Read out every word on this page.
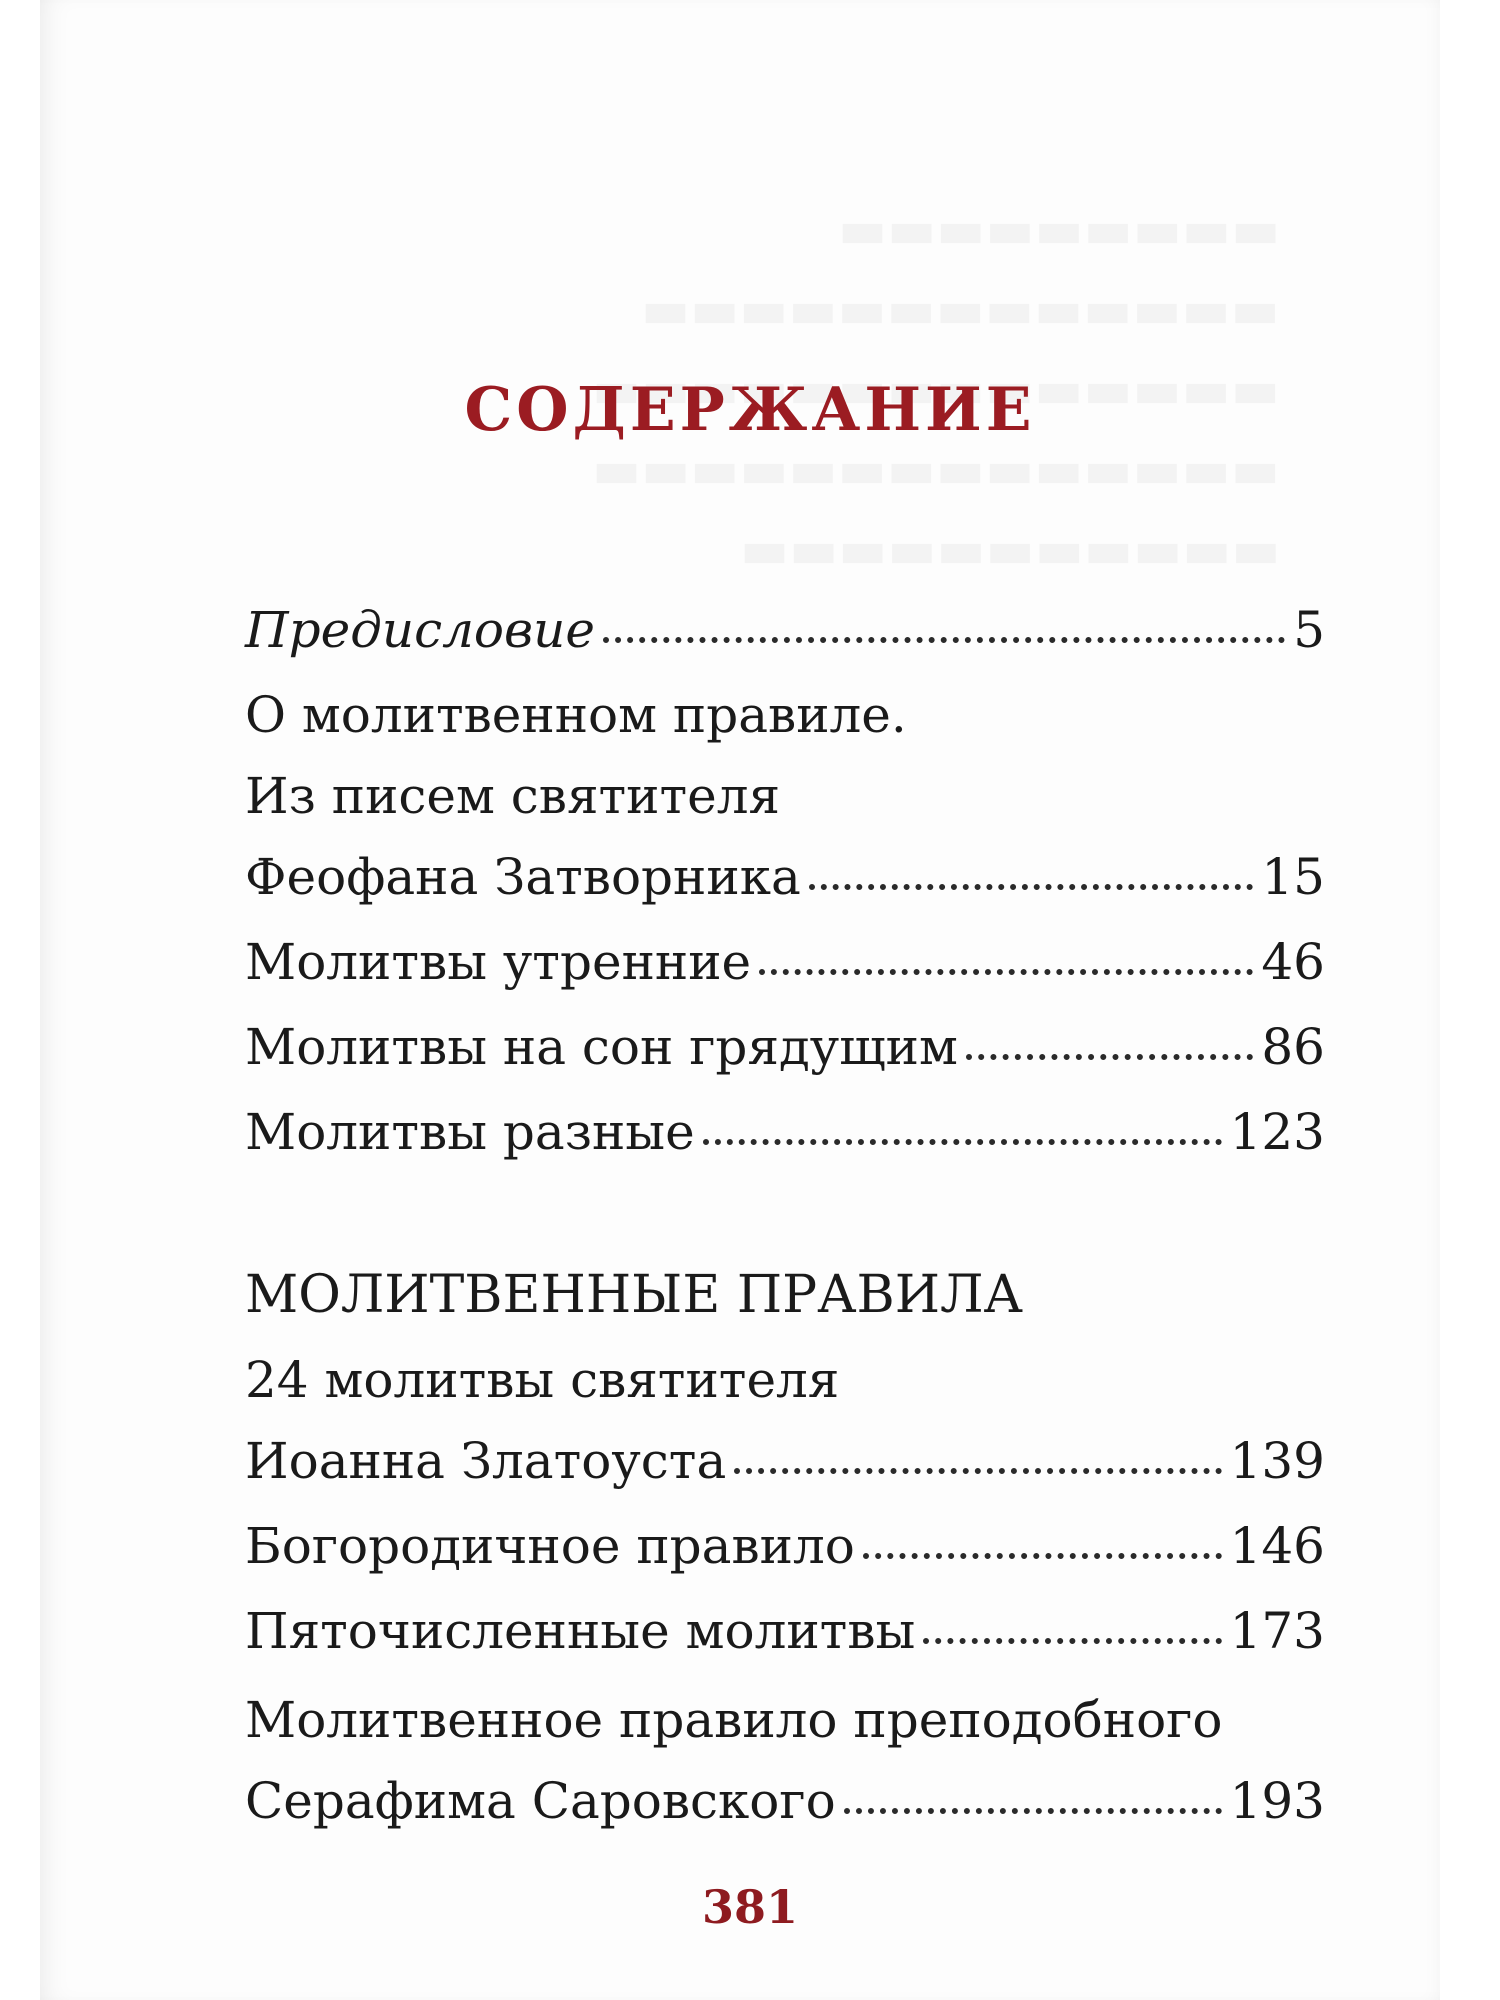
СОДЕРЖАНИЕ
Предисловие	5
О молитвенном правиле.
Из писем святителя
Феофана Затворника	15
Молитвы утренние	46
Молитвы на сон грядущим	86
Молитвы разные	123
МОЛИТВЕННЫЕ ПРАВИЛА
24 молитвы святителя
Иоанна Златоуста	139
Богородичное правило	146
Пяточисленные молитвы	173
Молитвенное правило преподобного
Серафима Саровского	193
381
